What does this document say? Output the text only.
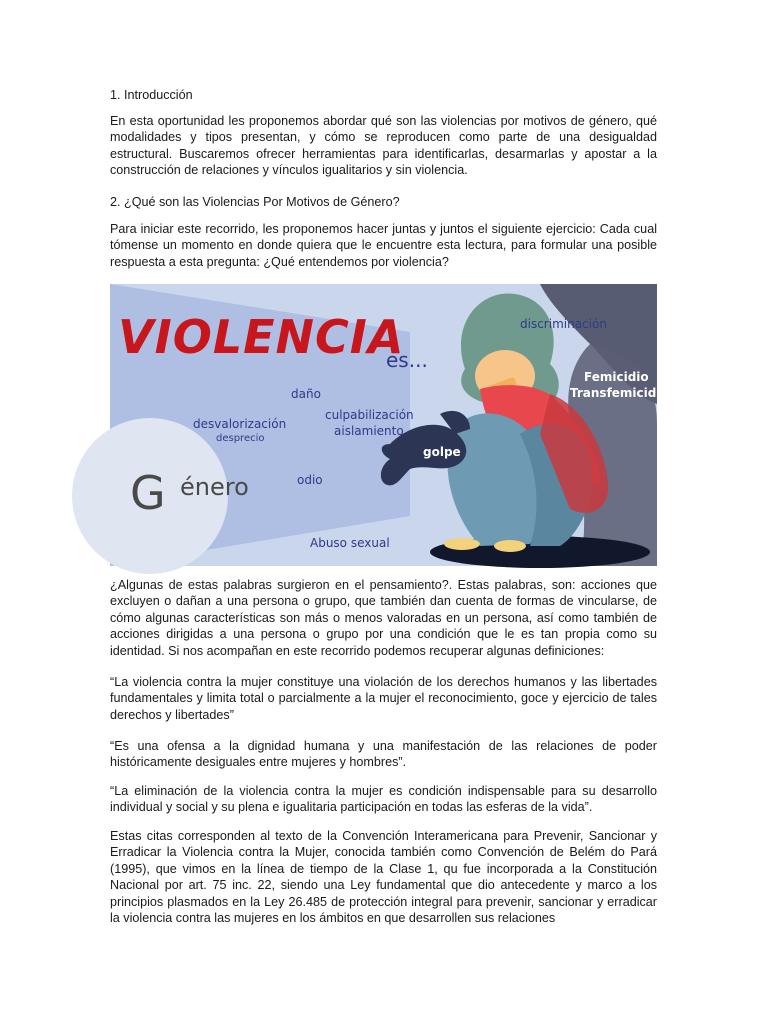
1. Introducción
En esta oportunidad les proponemos abordar qué son las violencias por motivos de género, qué modalidades y tipos presentan, y cómo se reproducen como parte de una desigualdad estructural. Buscaremos ofrecer herramientas para identificarlas, desarmarlas y apostar a la construcción de relaciones y vínculos igualitarios y sin violencia.
2. ¿Qué son las Violencias Por Motivos de Género?
Para iniciar este recorrido, les proponemos hacer juntas y juntos el siguiente ejercicio: Cada cual tómense un momento en donde quiera que le encuentre esta lectura, para formular una posible respuesta a esta pregunta: ¿Qué entendemos por violencia?
VIOLENCIA
es...
G énero
discriminación
Femicidio
Transfemicidio
daño
desvalorización
desprecio
culpabilización
aislamiento
golpe
odio
Abuso sexual
¿Algunas de estas palabras surgieron en el pensamiento?. Estas palabras, son: acciones que excluyen o dañan a una persona o grupo, que también dan cuenta de formas de vincularse, de cómo algunas características son más o menos valoradas en un persona, así como también de acciones dirigidas a una persona o grupo por una condición que le es tan propia como su identidad. Si nos acompañan en este recorrido podemos recuperar algunas definiciones:
“La violencia contra la mujer constituye una violación de los derechos humanos y las libertades fundamentales y limita total o parcialmente a la mujer el reconocimiento, goce y ejercicio de tales derechos y libertades”
“Es una ofensa a la dignidad humana y una manifestación de las relaciones de poder históricamente desiguales entre mujeres y hombres”.
“La eliminación de la violencia contra la mujer es condición indispensable para su desarrollo individual y social y su plena e igualitaria participación en todas las esferas de la vida”.
Estas citas corresponden al texto de la Convención Interamericana para Prevenir, Sancionar y Erradicar la Violencia contra la Mujer, conocida también como Convención de Belém do Pará (1995), que vimos en la línea de tiempo de la Clase 1, qu fue incorporada a la Constitución Nacional por art. 75 inc. 22, siendo una Ley fundamental que dio antecedente y marco a los principios plasmados en la Ley 26.485 de protección integral para prevenir, sancionar y erradicar la violencia contra las mujeres en los ámbitos en que desarrollen sus relaciones
